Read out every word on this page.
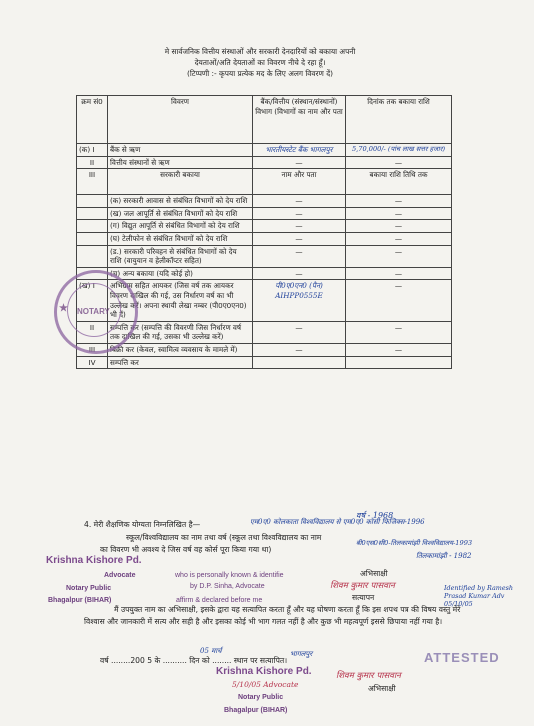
मे सार्वजनिक वित्तीय संस्थाओं और सरकारी देनदारियों को बकाया अपनी
देयताओं/अति देयताओं का विवरण नीचे दे रहा हूँ।
(टिप्पणी :- कृपया प्रत्येक मद के लिए अलग विवरण दें)
क्रम सं0	विवरण	बैंक/वित्तीय (संस्थान/संस्थानों) विभाग (विभागों का नाम और पता	दिनांक तक बकाया राशि
(क) I	बैंक से ऋण	भारतीयस्टेट बैंक भागलपुर	5,70,000/- (पांच लाख सत्तर हजार)
II	वित्तीय संस्थानों से ऋण	—	—
III	सरकारी बकाया	नाम और पता	बकाया राशि तिथि तक
	(क) सरकारी आवास से संबंधित विभागों को देय राशि	—	—
	(ख) जल आपूर्ति से संबंधित विभागों को देय राशि	—	—
	(ग) विद्युत आपूर्ति से संबंधित विभागों को देय राशि	—	—
	(घ) टेलीफोन से संबंधित विभागों को देय राशि	—	—
	(ड.) सरकारी परिवहन से संबंधित विभागों को देय राशि (वायुयान व हेलीकॉप्टर सहित)	—	—
	(च) अन्य बकाया (यदि कोई हो)	—	—
(ख) I	अभिग्राम सहित आयकर (जिस वर्ष तक आयकर विवरण दाखिल की गई, उस निर्धारण वर्ष का भी उल्लेख करें। अपना स्थायी लेखा नम्बर (पी0ए0एन0) भी दें)	पी0ए0एन0 (पैन) AIHPP0555E	—
II	सम्पत्ति कर (सम्पत्ति की विवरणी जिस निर्धारण वर्ष तक दाखिल की गई, उसका भी उल्लेख करें)	—	—
III	बिक्री कर (केवल, स्वामित्व व्यवसाय के मामले में)	—	—
IV	सम्पत्ति कर		
NOTARY
★
4. मेरी शैक्षणिक योग्यता निम्नलिखित है—
वर्ष - 1968
एम0ए0 कोलकाता विश्वविद्यालय से एम0ए0 कोसी फिजिक्स-1996
स्कूल/विश्वविद्यालय का नाम तथा वर्ष (स्कूल तथा विश्वविद्यालय का नाम
का विवरण भी अवश्य दे जिस वर्ष वह कोर्स पूरा किया गया था)
बी0एस0सी0-तिलकामांझी विश्वविद्यालय-1993
तिलकामांझी - 1982
Krishna Kishore Pd.
Advocate
Notary Public
Bhagalpur (BIHAR)
who is personally known & identifie
by D.P. Sinha, Advocate
affirm & declared before me
अभिसाक्षी
शिवम कुमार पासवान
सत्यापन
Identified by Ramesh Prasad Kumar Adv 05/10/05
मैं उपयुक्त नाम का अभिसाक्षी, इसके द्वारा यह सत्यापित करता हूँ और यह घोषणा करता हूँ कि इस शपथ पत्र की विषय वस्तु मेरे विश्वास और जानकारी में सत्य और सही है और इसका कोई भी भाग गलत नहीं है और कुछ भी महत्वपूर्ण इससे छिपाया नहीं गया है।
वर्ष ........200 5 के .......... दिन को ........ स्थान पर सत्यापित।
05 मार्च	भागलपुर	ATTESTED
Krishna Kishore Pd.
5/10/05 Advocate
Notary Public
Bhagalpur (BIHAR)
शिवम कुमार पासवान
अभिसाक्षी
